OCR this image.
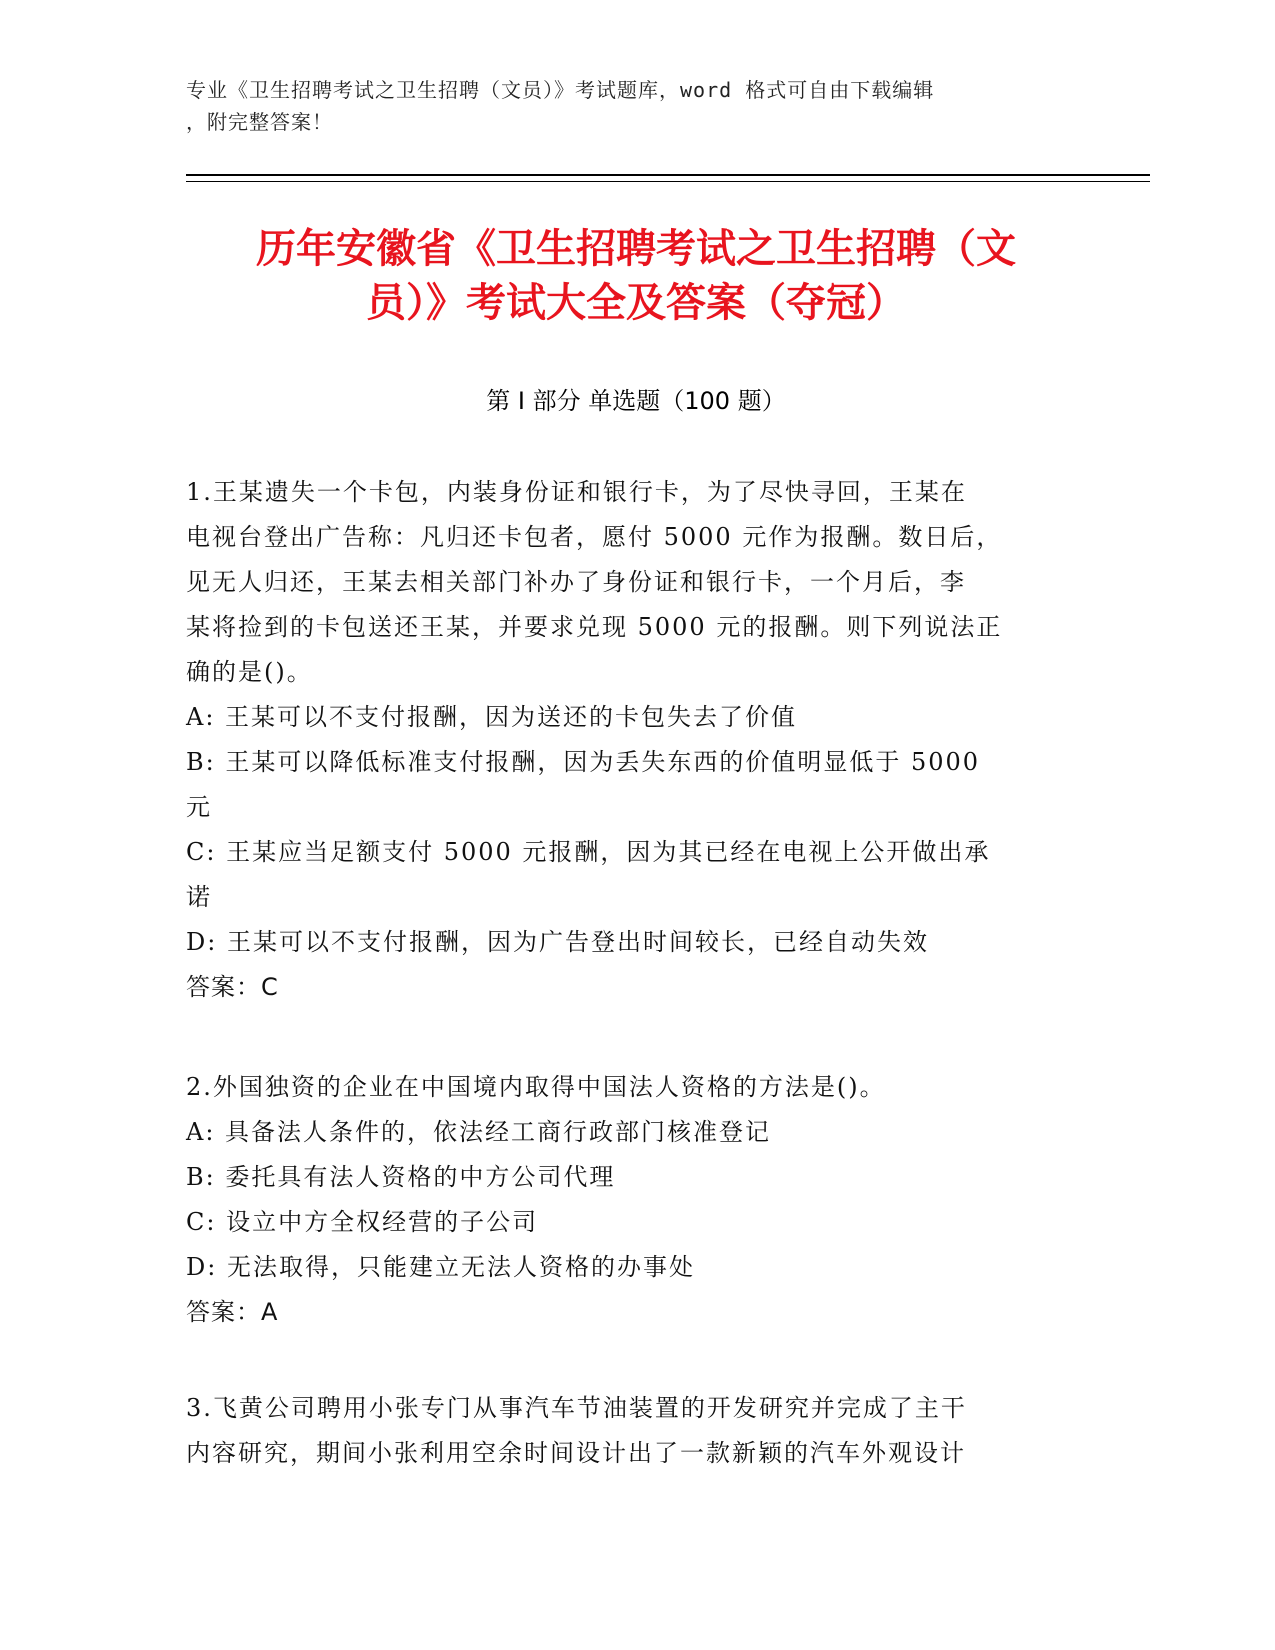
专业《卫生招聘考试之卫生招聘（文员）》考试题库，word 格式可自由下载编辑
，附完整答案！
历年安徽省《卫生招聘考试之卫生招聘（文
员）》考试大全及答案（夺冠）
第 I 部分 单选题（100 题）
1.王某遗失一个卡包，内装身份证和银行卡，为了尽快寻回，王某在
电视台登出广告称：凡归还卡包者，愿付 5000 元作为报酬。数日后，
见无人归还，王某去相关部门补办了身份证和银行卡，一个月后，李
某将捡到的卡包送还王某，并要求兑现 5000 元的报酬。则下列说法正
确的是()。
A: 王某可以不支付报酬，因为送还的卡包失去了价值
B: 王某可以降低标准支付报酬，因为丢失东西的价值明显低于 5000
元
C: 王某应当足额支付 5000 元报酬，因为其已经在电视上公开做出承
诺
D: 王某可以不支付报酬，因为广告登出时间较长，已经自动失效
答案：C
2.外国独资的企业在中国境内取得中国法人资格的方法是()。
A: 具备法人条件的，依法经工商行政部门核准登记
B: 委托具有法人资格的中方公司代理
C: 设立中方全权经营的子公司
D: 无法取得，只能建立无法人资格的办事处
答案：A
3.飞黄公司聘用小张专门从事汽车节油装置的开发研究并完成了主干
内容研究，期间小张利用空余时间设计出了一款新颖的汽车外观设计
